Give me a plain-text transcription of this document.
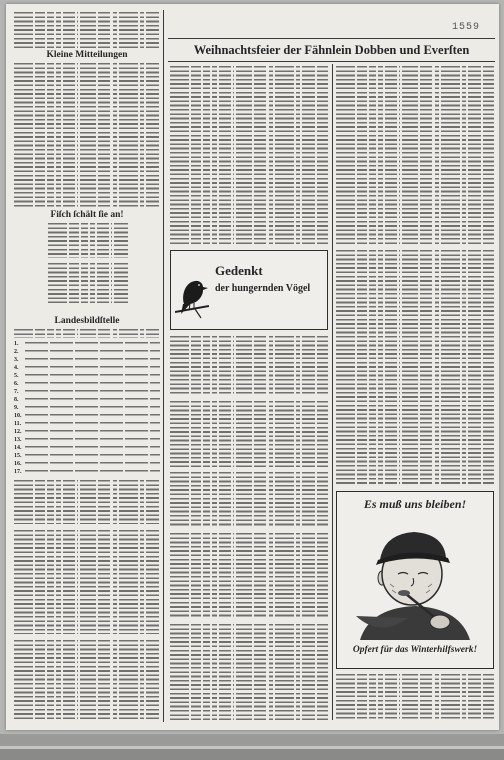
1559
Kleine Mitteilungen
Fiſch ſchält ſie an!
Landesbildſtelle
1.
2.
3.
4.
5.
6.
7.
8.
9.
10.
11.
12.
13.
14.
15.
16.
17.
Weihnachtsfeier der Fähnlein Dobben und Everſten
Gedenkt
der hungernden Vögel
Es muß uns bleiben!
Opfert für das Winterhilfswerk!
